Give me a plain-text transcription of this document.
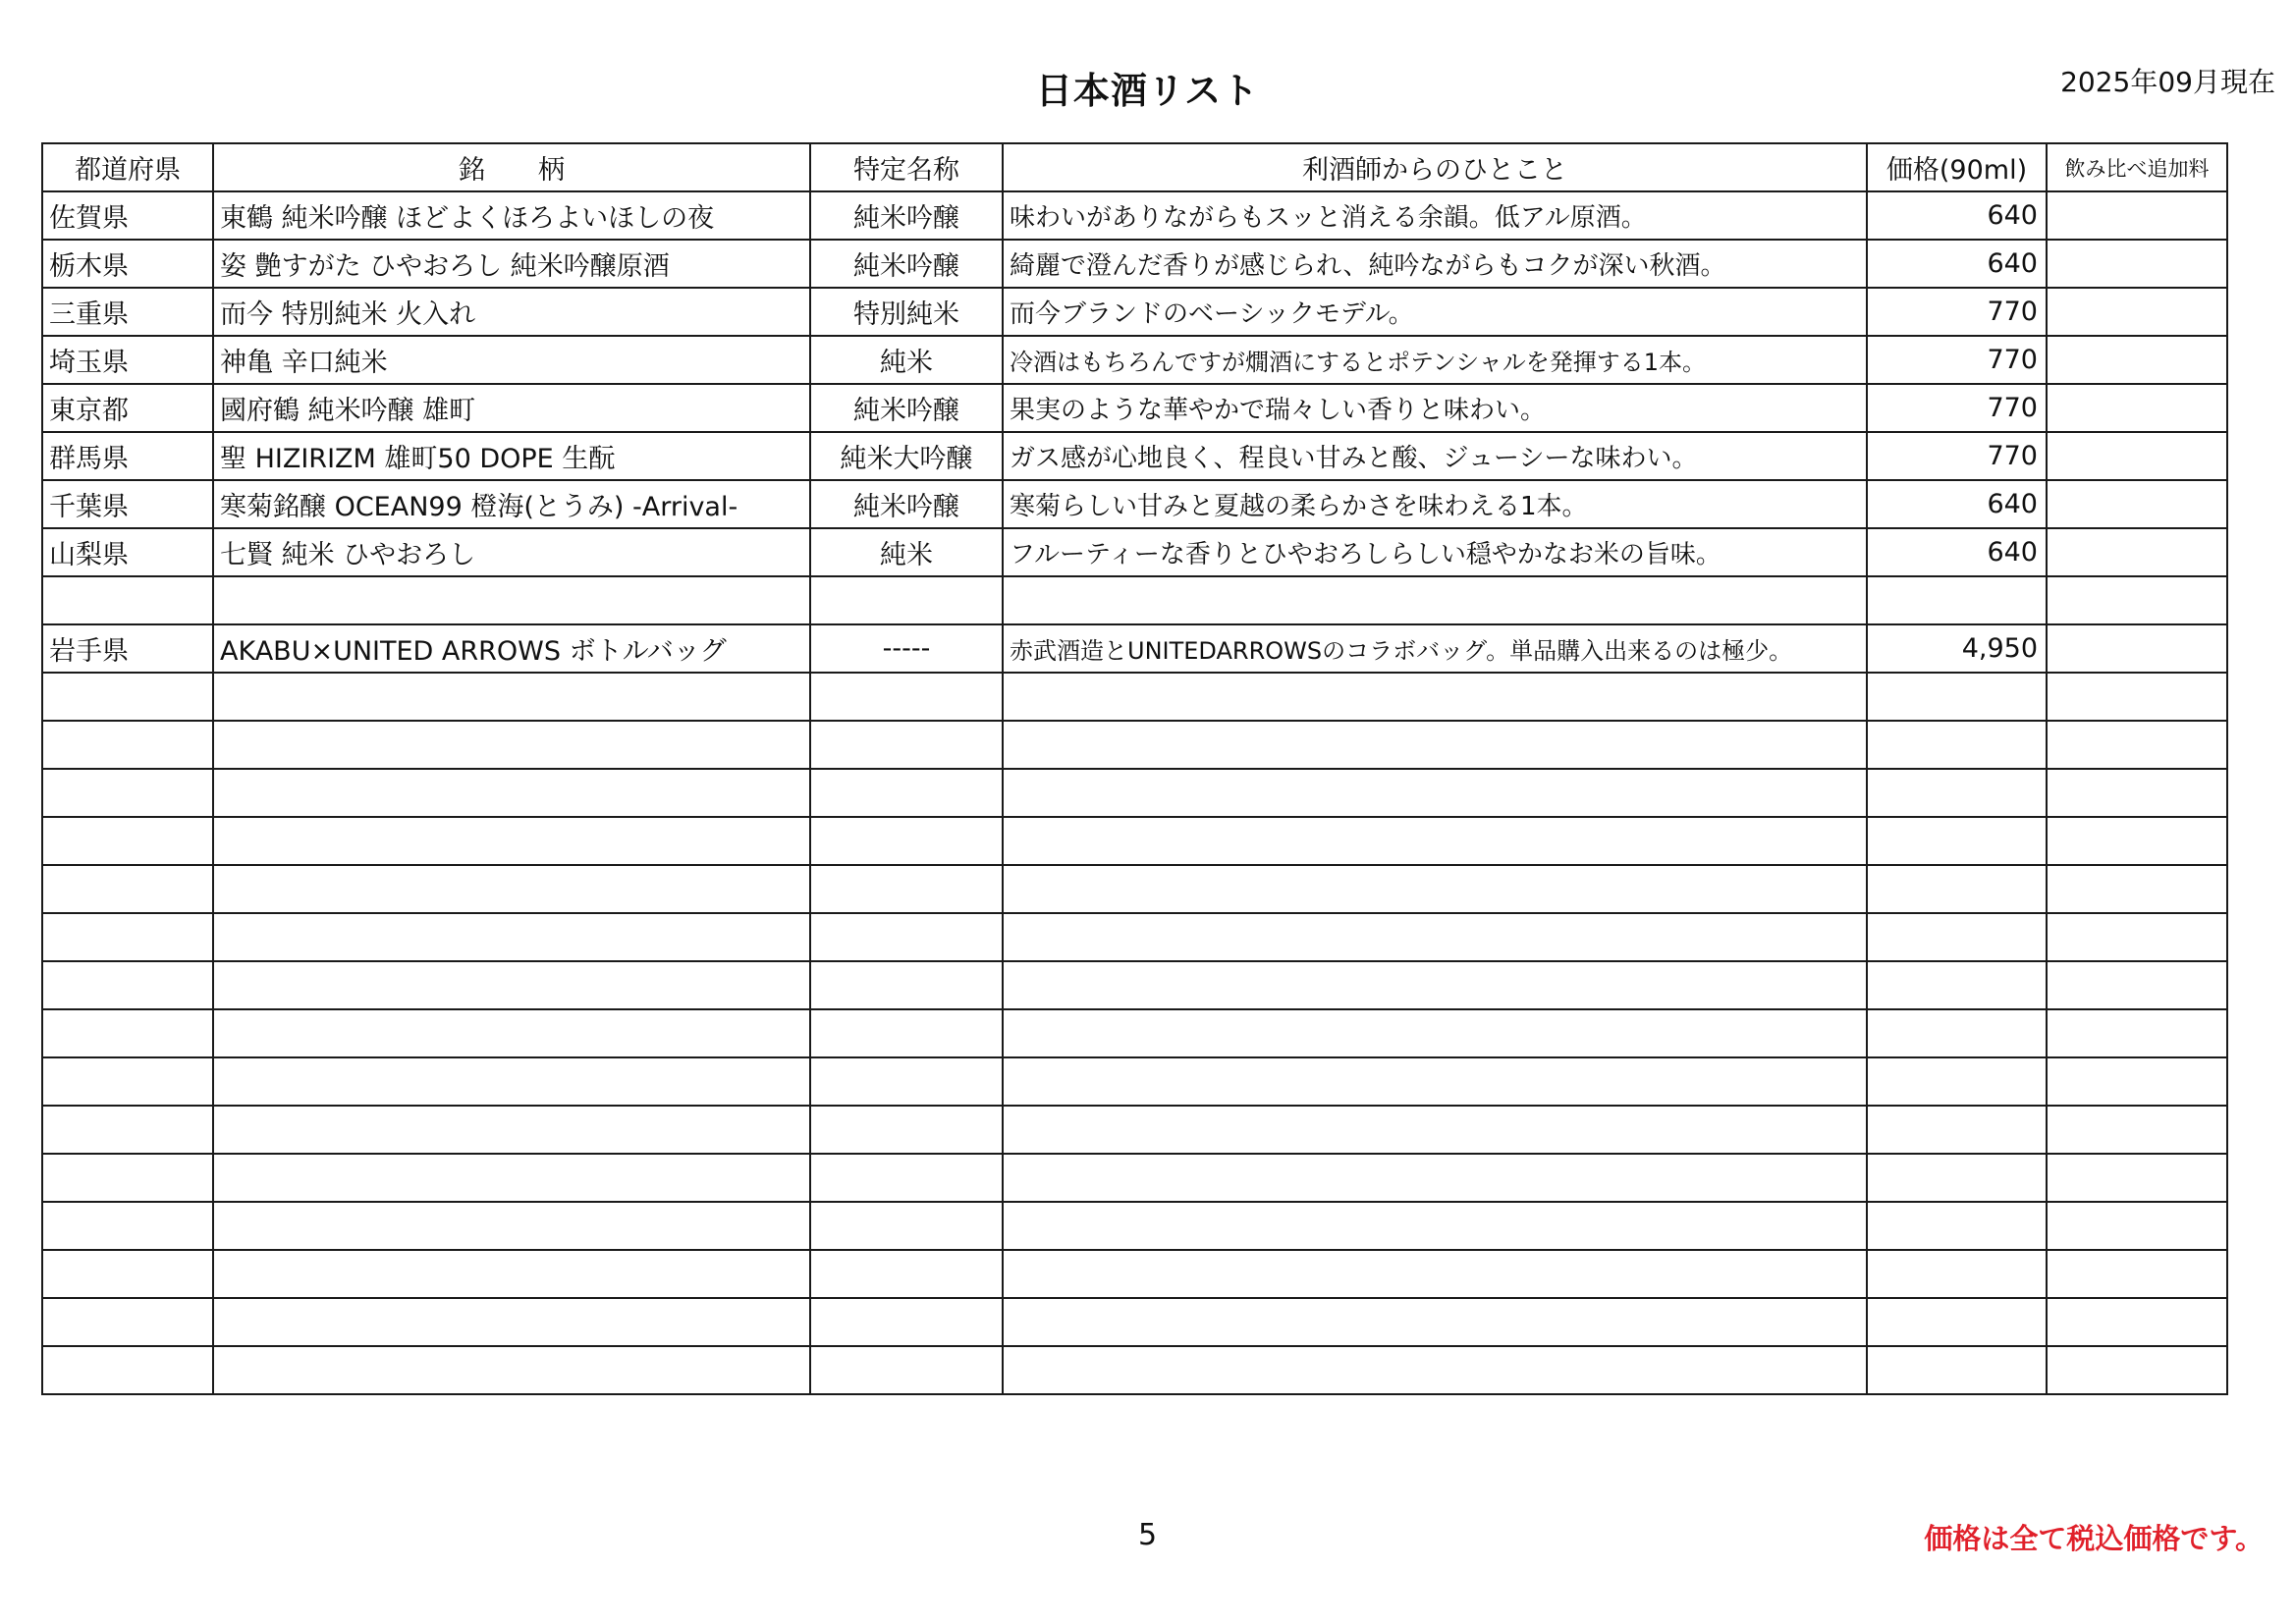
日本酒リスト	2025年09月現在
都道府県	銘　　柄	特定名称	利酒師からのひとこと	価格(90ml)	飲み比べ追加料
佐賀県	東鶴 純米吟醸 ほどよくほろよいほしの夜	純米吟醸	味わいがありながらもスッと消える余韻。低アル原酒。	640	
栃木県	姿 艶すがた ひやおろし 純米吟醸原酒	純米吟醸	綺麗で澄んだ香りが感じられ、純吟ながらもコクが深い秋酒。	640	
三重県	而今 特別純米 火入れ	特別純米	而今ブランドのベーシックモデル。	770	
埼玉県	神亀 辛口純米	純米	冷酒はもちろんですが燗酒にするとポテンシャルを発揮する1本。	770	
東京都	國府鶴 純米吟醸 雄町	純米吟醸	果実のような華やかで瑞々しい香りと味わい。	770	
群馬県	聖 HIZIRIZM 雄町50 DOPE 生酛	純米大吟醸	ガス感が心地良く、程良い甘みと酸、ジューシーな味わい。	770	
千葉県	寒菊銘醸 OCEAN99 橙海(とうみ) -Arrival-	純米吟醸	寒菊らしい甘みと夏越の柔らかさを味わえる1本。	640	
山梨県	七賢 純米 ひやおろし	純米	フルーティーな香りとひやおろしらしい穏やかなお米の旨味。	640	

岩手県	AKABU×UNITED ARROWS ボトルバッグ	-----	赤武酒造とUNITEDARROWSのコラボバッグ。単品購入出来るのは極少。	4,950	

5	価格は全て税込価格です。
